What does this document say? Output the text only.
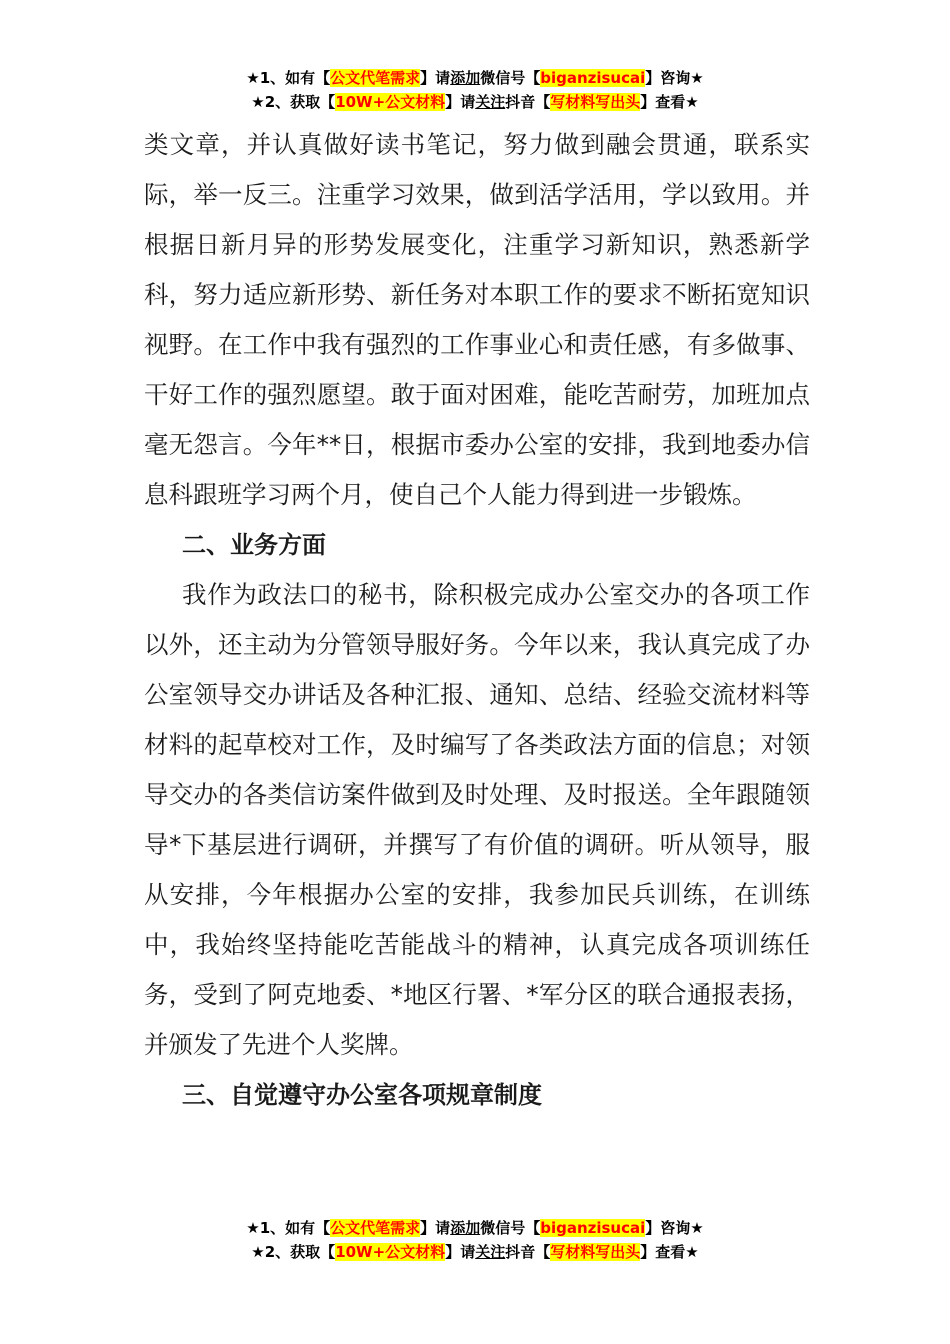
★1、如有【公文代笔需求】请添加微信号【biganzisucai】咨询★
★2、获取【10W+公文材料】请关注抖音【写材料写出头】查看★

类文章，并认真做好读书笔记，努力做到融会贯通，联系实际，举一反三。注重学习效果，做到活学活用，学以致用。并根据日新月异的形势发展变化，注重学习新知识，熟悉新学科，努力适应新形势、新任务对本职工作的要求不断拓宽知识视野。在工作中我有强烈的工作事业心和责任感，有多做事、干好工作的强烈愿望。敢于面对困难，能吃苦耐劳，加班加点毫无怨言。今年**日，根据市委办公室的安排，我到地委办信息科跟班学习两个月，使自己个人能力得到进一步锻炼。

二、业务方面

我作为政法口的秘书，除积极完成办公室交办的各项工作以外，还主动为分管领导服好务。今年以来，我认真完成了办公室领导交办讲话及各种汇报、通知、总结、经验交流材料等材料的起草校对工作，及时编写了各类政法方面的信息；对领导交办的各类信访案件做到及时处理、及时报送。全年跟随领导*下基层进行调研，并撰写了有价值的调研。听从领导，服从安排，今年根据办公室的安排，我参加民兵训练，在训练中，我始终坚持能吃苦能战斗的精神，认真完成各项训练任务，受到了阿克地委、*地区行署、*军分区的联合通报表扬，并颁发了先进个人奖牌。

三、自觉遵守办公室各项规章制度

★1、如有【公文代笔需求】请添加微信号【biganzisucai】咨询★
★2、获取【10W+公文材料】请关注抖音【写材料写出头】查看★
